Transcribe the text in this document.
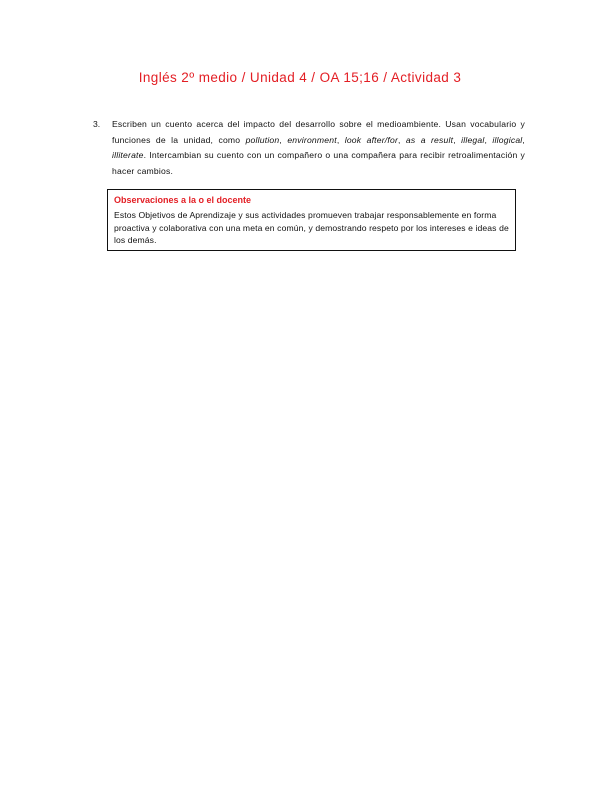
Inglés 2º medio / Unidad 4 / OA 15;16 / Actividad 3
3. Escriben un cuento acerca del impacto del desarrollo sobre el medioambiente. Usan vocabulario y funciones de la unidad, como pollution, environment, look after/for, as a result, illegal, illogical, illiterate. Intercambian su cuento con un compañero o una compañera para recibir retroalimentación y hacer cambios.
Observaciones a la o el docente
Estos Objetivos de Aprendizaje y sus actividades promueven trabajar responsablemente en forma proactiva y colaborativa con una meta en común, y demostrando respeto por los intereses e ideas de los demás.
